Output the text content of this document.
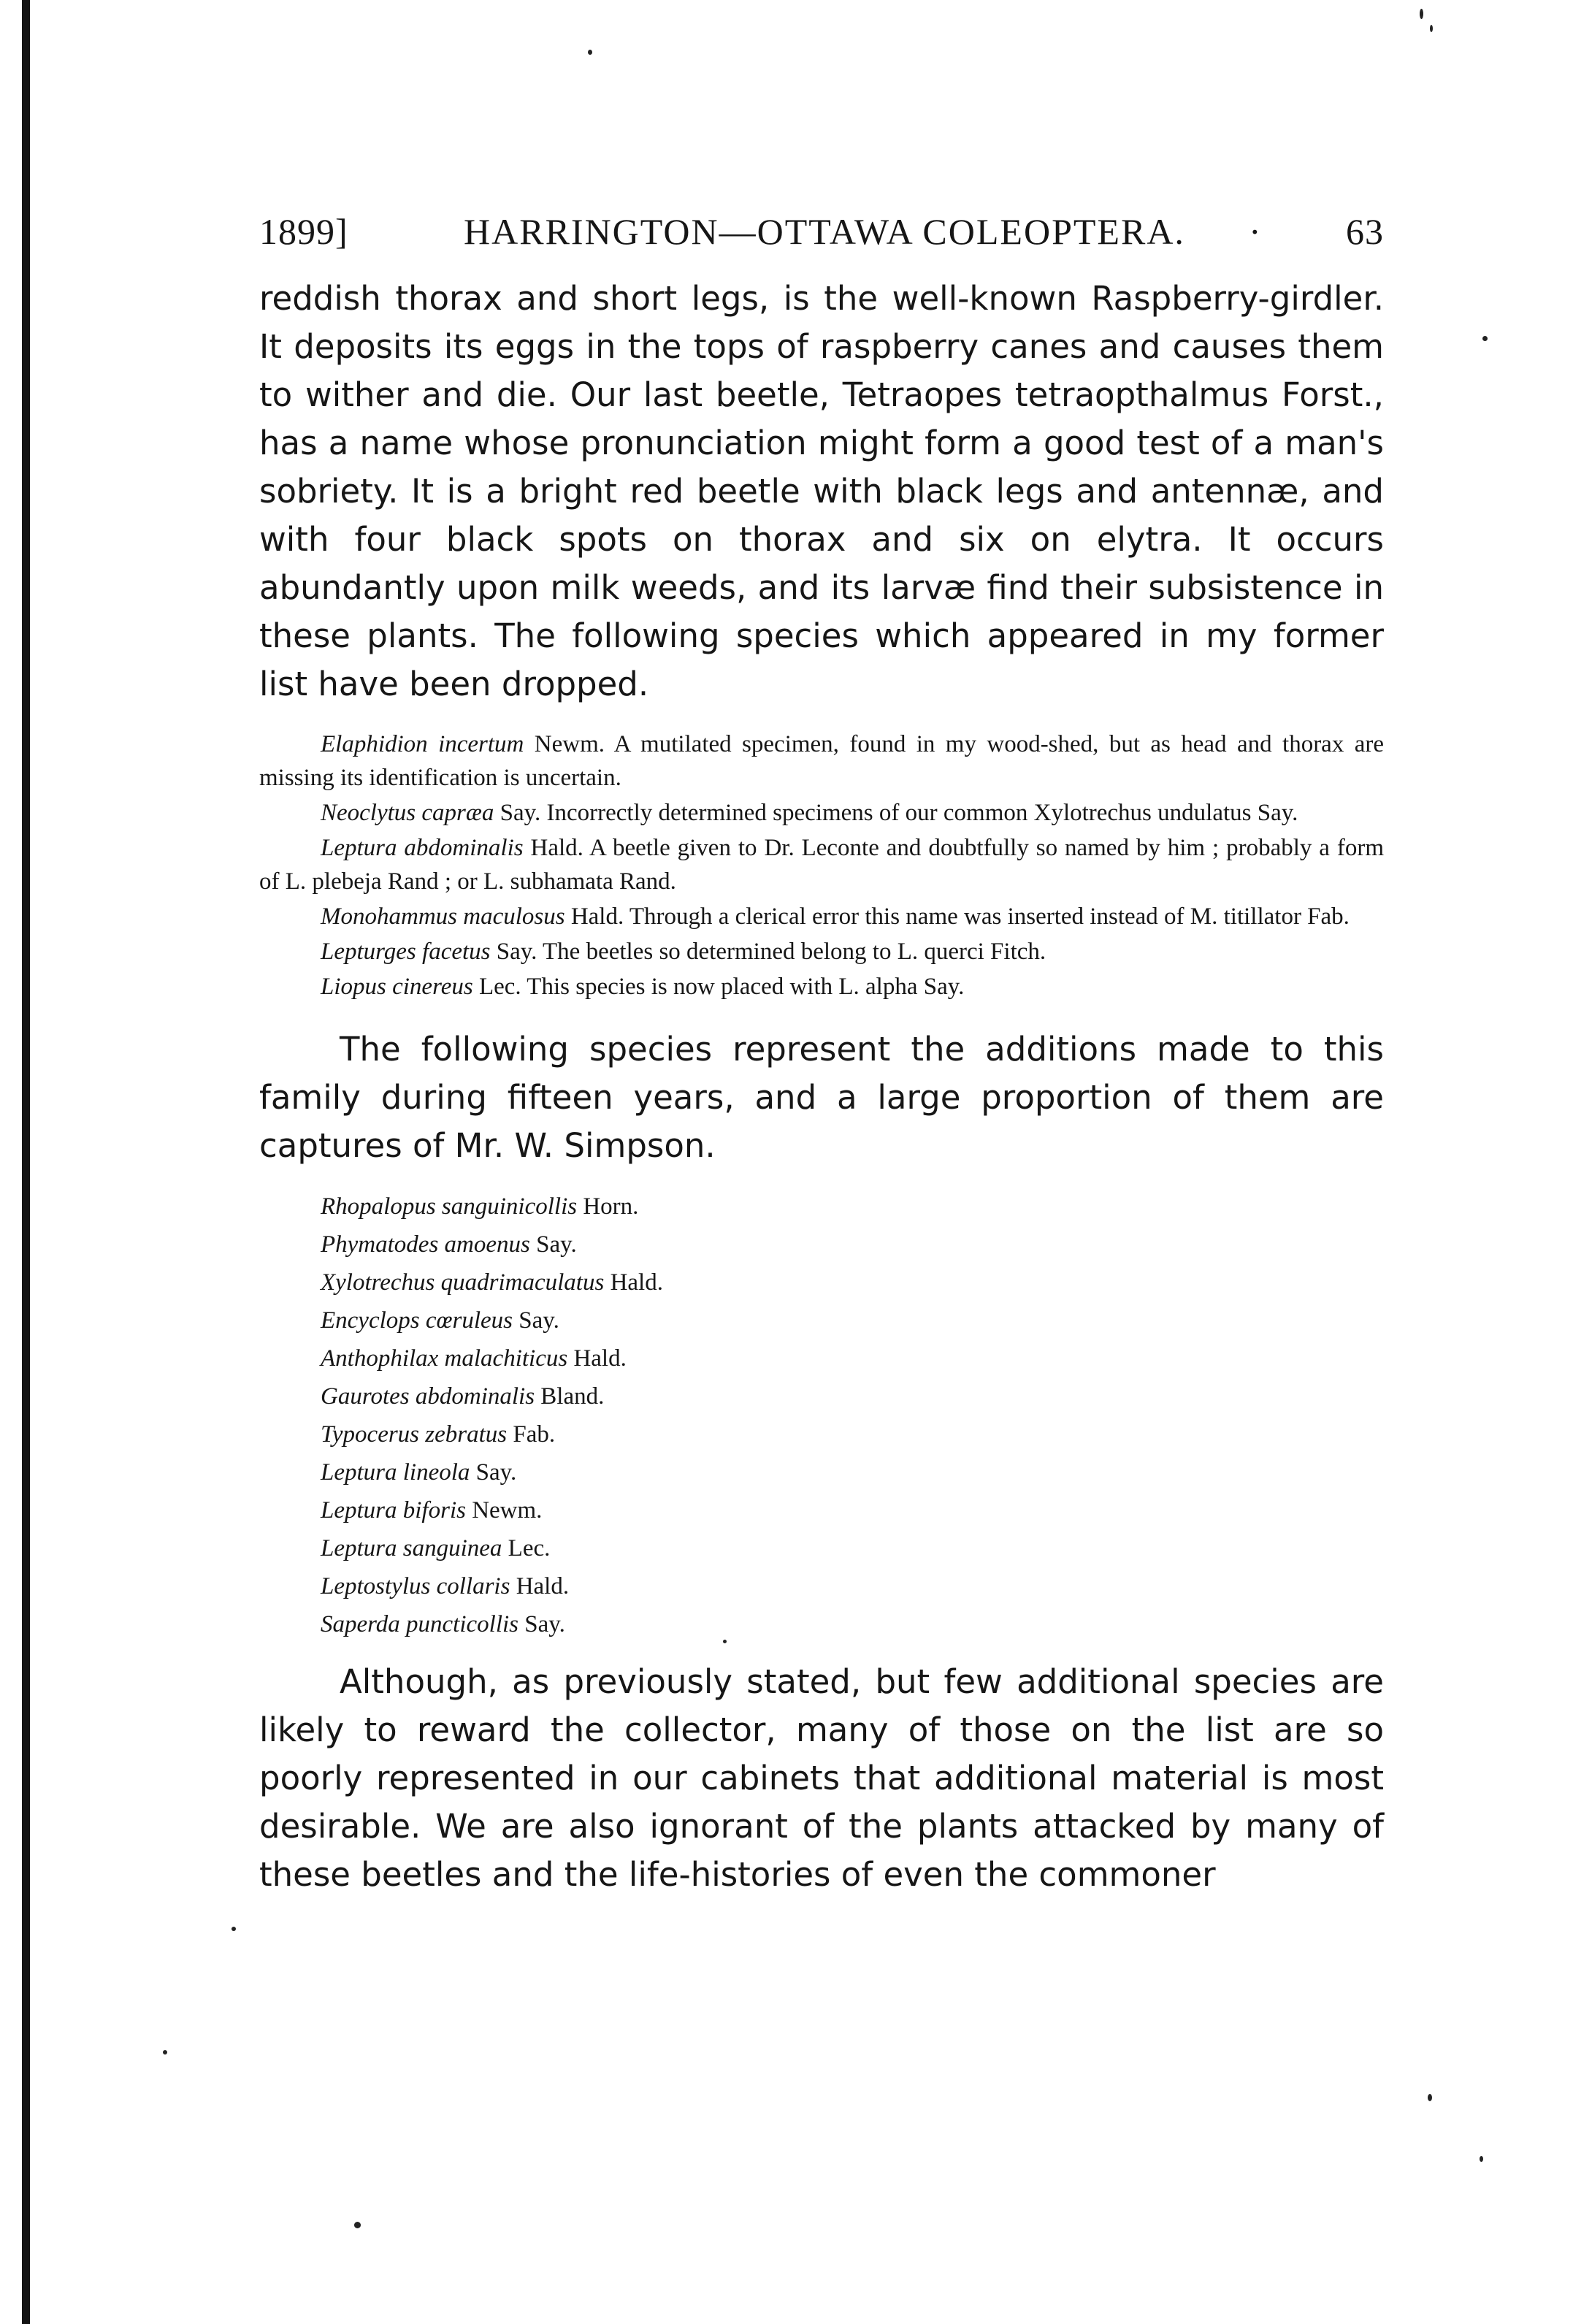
1899]	HARRINGTON—OTTAWA COLEOPTERA. · 63

reddish thorax and short legs, is the well-known Raspberry-girdler. It deposits its eggs in the tops of raspberry canes and causes them to wither and die. Our last beetle, Tetraopes tetraopthalmus Forst., has a name whose pronunciation might form a good test of a man's sobriety. It is a bright red beetle with black legs and antennæ, and with four black spots on thorax and six on elytra. It occurs abundantly upon milk weeds, and its larvæ find their subsistence in these plants. The following species which appeared in my former list have been dropped.

Elaphidion incertum Newm. A mutilated specimen, found in my wood-shed, but as head and thorax are missing its identification is uncertain.

Neoclytus capræa Say. Incorrectly determined specimens of our common Xylotrechus undulatus Say.

Leptura abdominalis Hald. A beetle given to Dr. Leconte and doubtfully so named by him ; probably a form of L. plebeja Rand ; or L. subhamata Rand.

Monohammus maculosus Hald. Through a clerical error this name was inserted instead of M. titillator Fab.

Lepturges facetus Say. The beetles so determined belong to L. querci Fitch.

Liopus cinereus Lec. This species is now placed with L. alpha Say.

The following species represent the additions made to this family during fifteen years, and a large proportion of them are captures of Mr. W. Simpson.

Rhopalopus sanguinicollis Horn.
Phymatodes amoenus Say.
Xylotrechus quadrimaculatus Hald.
Encyclops cœruleus Say.
Anthophilax malachiticus Hald.
Gaurotes abdominalis Bland.
Typocerus zebratus Fab.
Leptura lineola Say.
Leptura biforis Newm.
Leptura sanguinea Lec.
Leptostylus collaris Hald.
Saperda puncticollis Say.

Although, as previously stated, but few additional species are likely to reward the collector, many of those on the list are so poorly represented in our cabinets that additional material is most desirable. We are also ignorant of the plants attacked by many of these beetles and the life-histories of even the commoner
